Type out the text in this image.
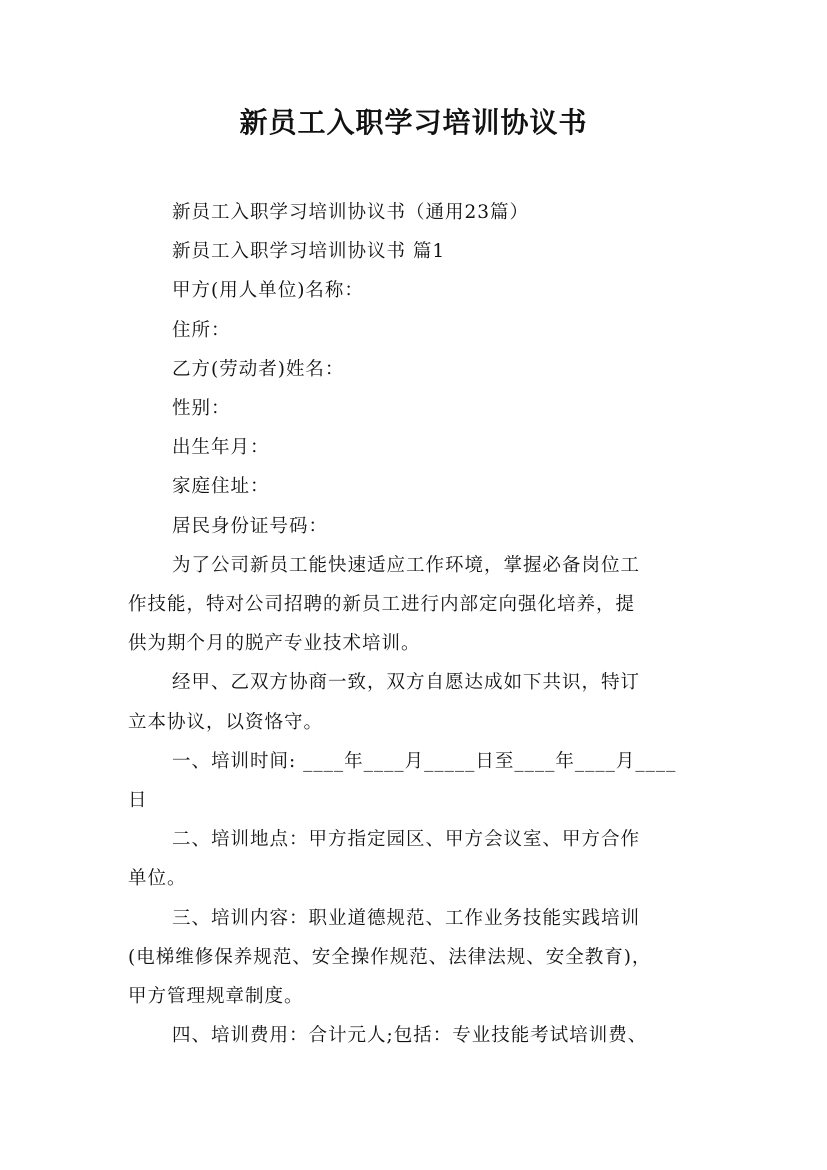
新员工入职学习培训协议书

新员工入职学习培训协议书（通用23篇）

新员工入职学习培训协议书 篇1

甲方(用人单位)名称：

住所：

乙方(劳动者)姓名：

性别：

出生年月：

家庭住址：

居民身份证号码：

为了公司新员工能快速适应工作环境，掌握必备岗位工

作技能，特对公司招聘的新员工进行内部定向强化培养，提

供为期个月的脱产专业技术培训。

经甲、乙双方协商一致，双方自愿达成如下共识，特订

立本协议，以资恪守。

一、培训时间: ____年____月_____日至____年____月____

日

二、培训地点：甲方指定园区、甲方会议室、甲方合作

单位。

三、培训内容：职业道德规范、工作业务技能实践培训

(电梯维修保养规范、安全操作规范、法律法规、安全教育)，

甲方管理规章制度。

四、培训费用：合计元人;包括：专业技能考试培训费、
